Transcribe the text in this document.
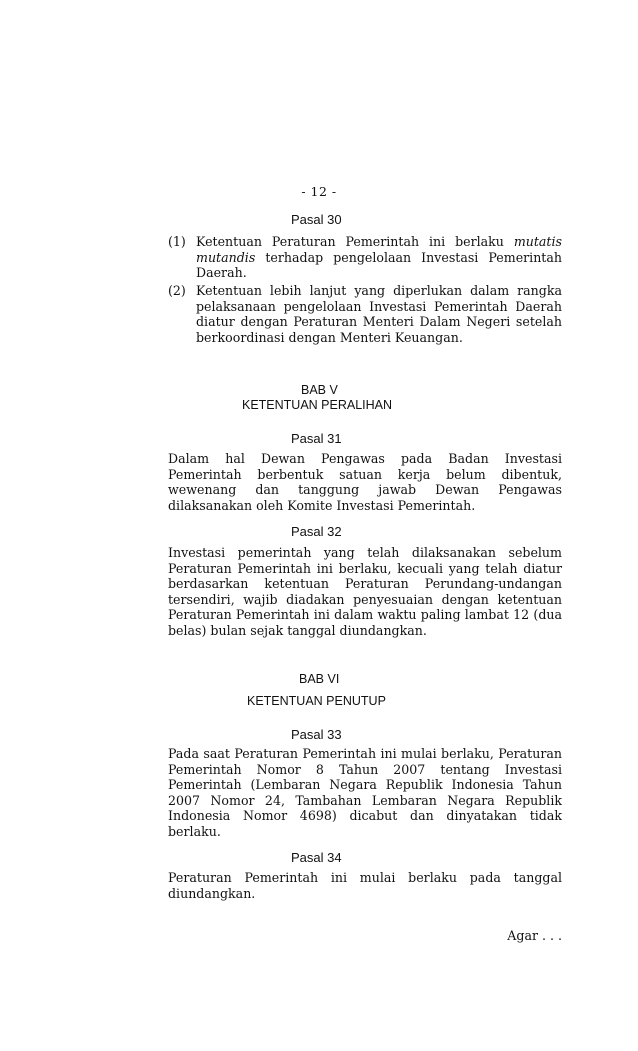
- 12 -
Pasal 30
(1) Ketentuan Peraturan Pemerintah ini berlaku mutatis mutandis terhadap pengelolaan Investasi Pemerintah Daerah.
(2) Ketentuan lebih lanjut yang diperlukan dalam rangka pelaksanaan pengelolaan Investasi Pemerintah Daerah diatur dengan Peraturan Menteri Dalam Negeri setelah berkoordinasi dengan Menteri Keuangan.
BAB V
KETENTUAN PERALIHAN
Pasal 31
Dalam hal Dewan Pengawas pada Badan Investasi Pemerintah berbentuk satuan kerja belum dibentuk, wewenang dan tanggung jawab Dewan Pengawas dilaksanakan oleh Komite Investasi Pemerintah.
Pasal 32
Investasi pemerintah yang telah dilaksanakan sebelum Peraturan Pemerintah ini berlaku, kecuali yang telah diatur berdasarkan ketentuan Peraturan Perundang-undangan tersendiri, wajib diadakan penyesuaian dengan ketentuan Peraturan Pemerintah ini dalam waktu paling lambat 12 (dua belas) bulan sejak tanggal diundangkan.
BAB VI
KETENTUAN PENUTUP
Pasal 33
Pada saat Peraturan Pemerintah ini mulai berlaku, Peraturan Pemerintah Nomor 8 Tahun 2007 tentang Investasi Pemerintah (Lembaran Negara Republik Indonesia Tahun 2007 Nomor 24, Tambahan Lembaran Negara Republik Indonesia Nomor 4698) dicabut dan dinyatakan tidak berlaku.
Pasal 34
Peraturan Pemerintah ini mulai berlaku pada tanggal diundangkan.
Agar . . .
